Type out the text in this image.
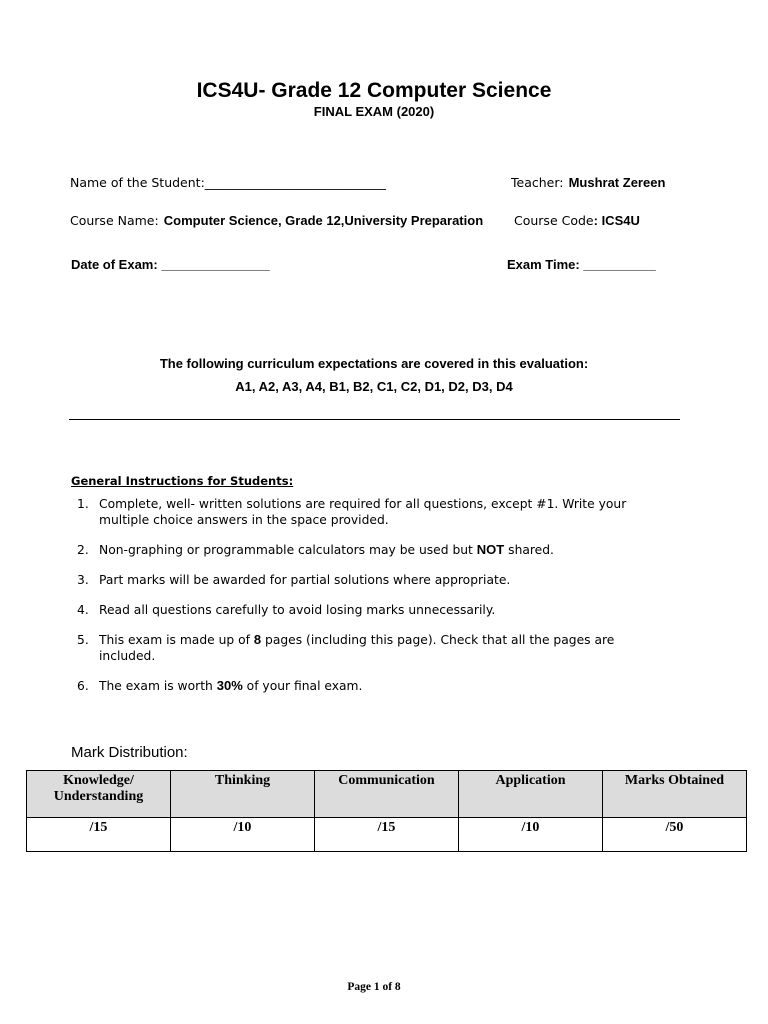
ICS4U- Grade 12 Computer Science
FINAL EXAM (2020)
Name of the Student:_____________________________	Teacher: Mushrat Zereen
Course Name: Computer Science, Grade 12,University Preparation Course Code: ICS4U
Date of Exam: _______________	Exam Time: __________
The following curriculum expectations are covered in this evaluation:
A1, A2, A3, A4, B1, B2, C1, C2, D1, D2, D3, D4
General Instructions for Students:
1. Complete, well- written solutions are required for all questions, except #1. Write your multiple choice answers in the space provided.
2. Non-graphing or programmable calculators may be used but NOT shared.
3. Part marks will be awarded for partial solutions where appropriate.
4. Read all questions carefully to avoid losing marks unnecessarily.
5. This exam is made up of 8 pages (including this page). Check that all the pages are included.
6. The exam is worth 30% of your final exam.
Mark Distribution:
Knowledge/ Understanding	Thinking	Communication	Application	Marks Obtained
/15	/10	/15	/10	/50
Page 1 of 8
